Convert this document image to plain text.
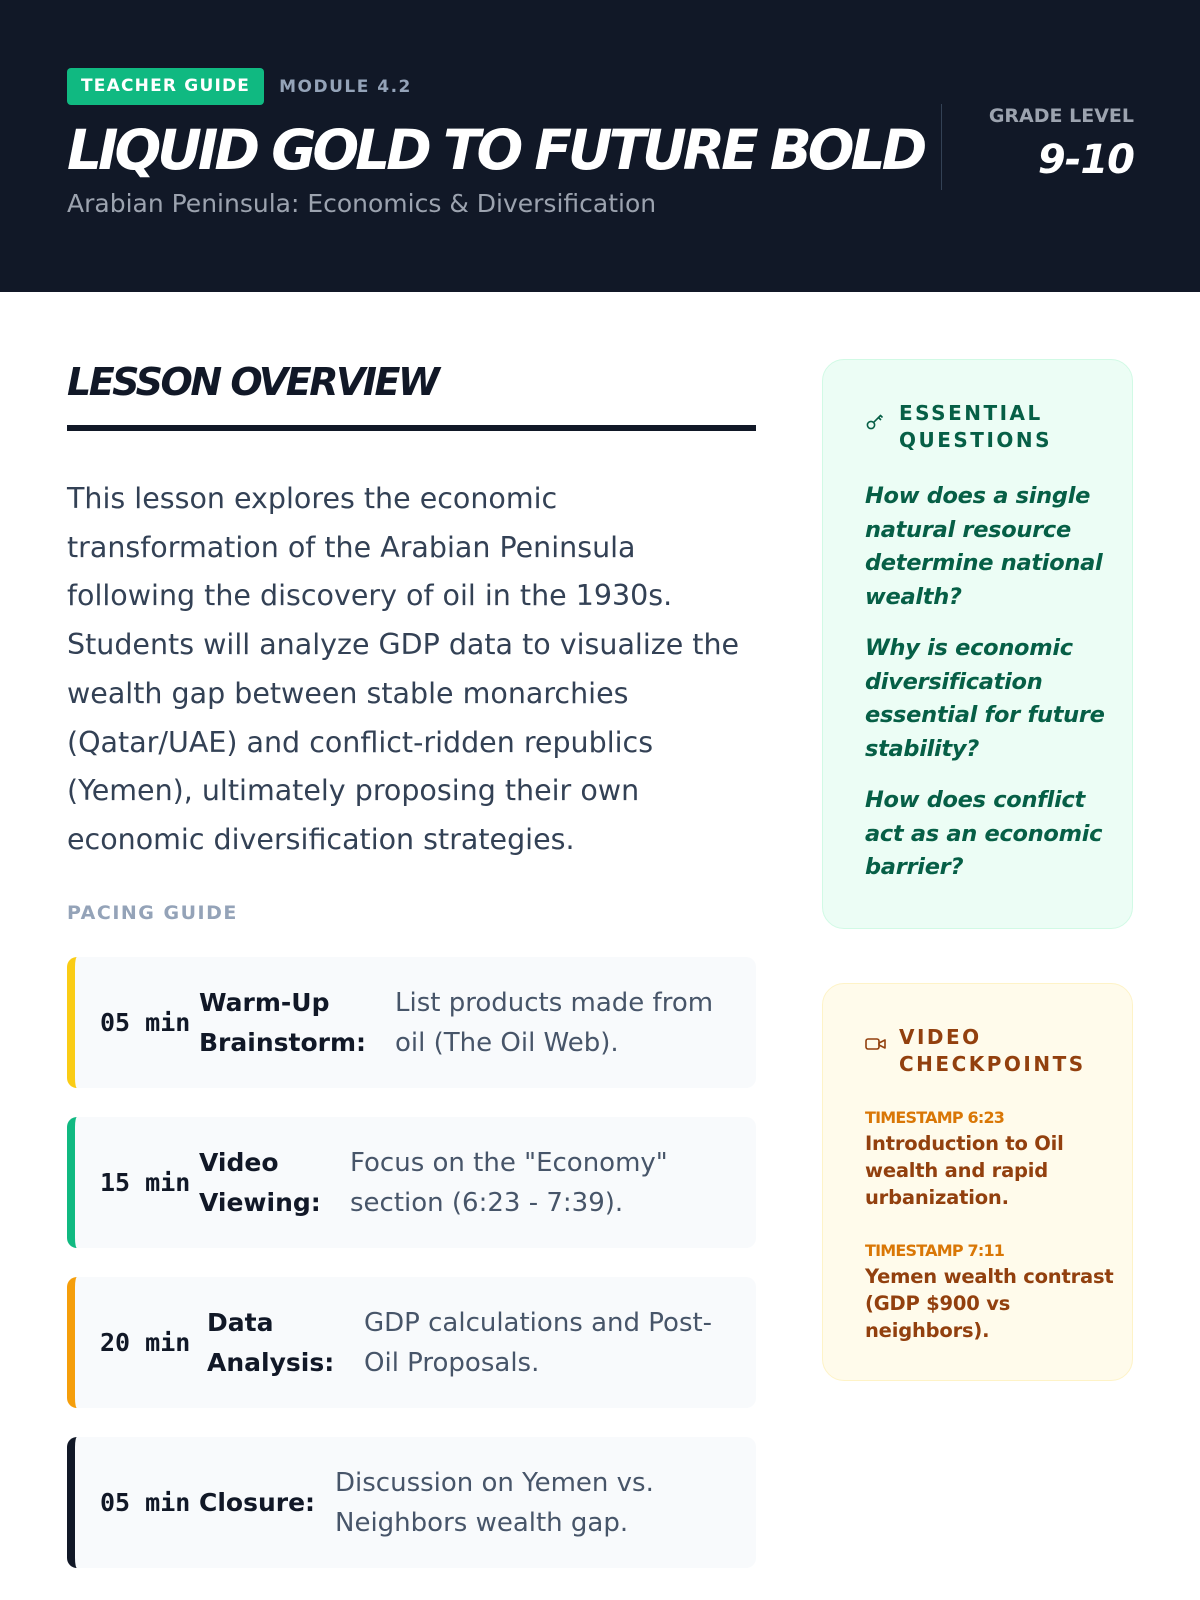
TEACHER GUIDE	MODULE 4.2
LIQUID GOLD TO FUTURE BOLD
Arabian Peninsula: Economics & Diversification
GRADE LEVEL
9-10
LESSON OVERVIEW

This lesson explores the economic transformation of the Arabian Peninsula following the discovery of oil in the 1930s. Students will analyze GDP data to visualize the wealth gap between stable monarchies (Qatar/UAE) and conflict-ridden republics (Yemen), ultimately proposing their own economic diversification strategies.

PACING GUIDE
05 min
Warm-Up Brainstorm:
List products made from oil (The Oil Web).
15 min
Video Viewing:
Focus on the "Economy" section (6:23 - 7:39).
20 min
Data Analysis:
GDP calculations and Post-Oil Proposals.
05 min Closure:
Discussion on Yemen vs. Neighbors wealth gap.
ESSENTIAL QUESTIONS
How does a single natural resource determine national wealth?
Why is economic diversification essential for future stability?
How does conflict act as an economic barrier?
VIDEO CHECKPOINTS
TIMESTAMP 6:23
Introduction to Oil wealth and rapid urbanization.
TIMESTAMP 7:11
Yemen wealth contrast (GDP $900 vs neighbors).
